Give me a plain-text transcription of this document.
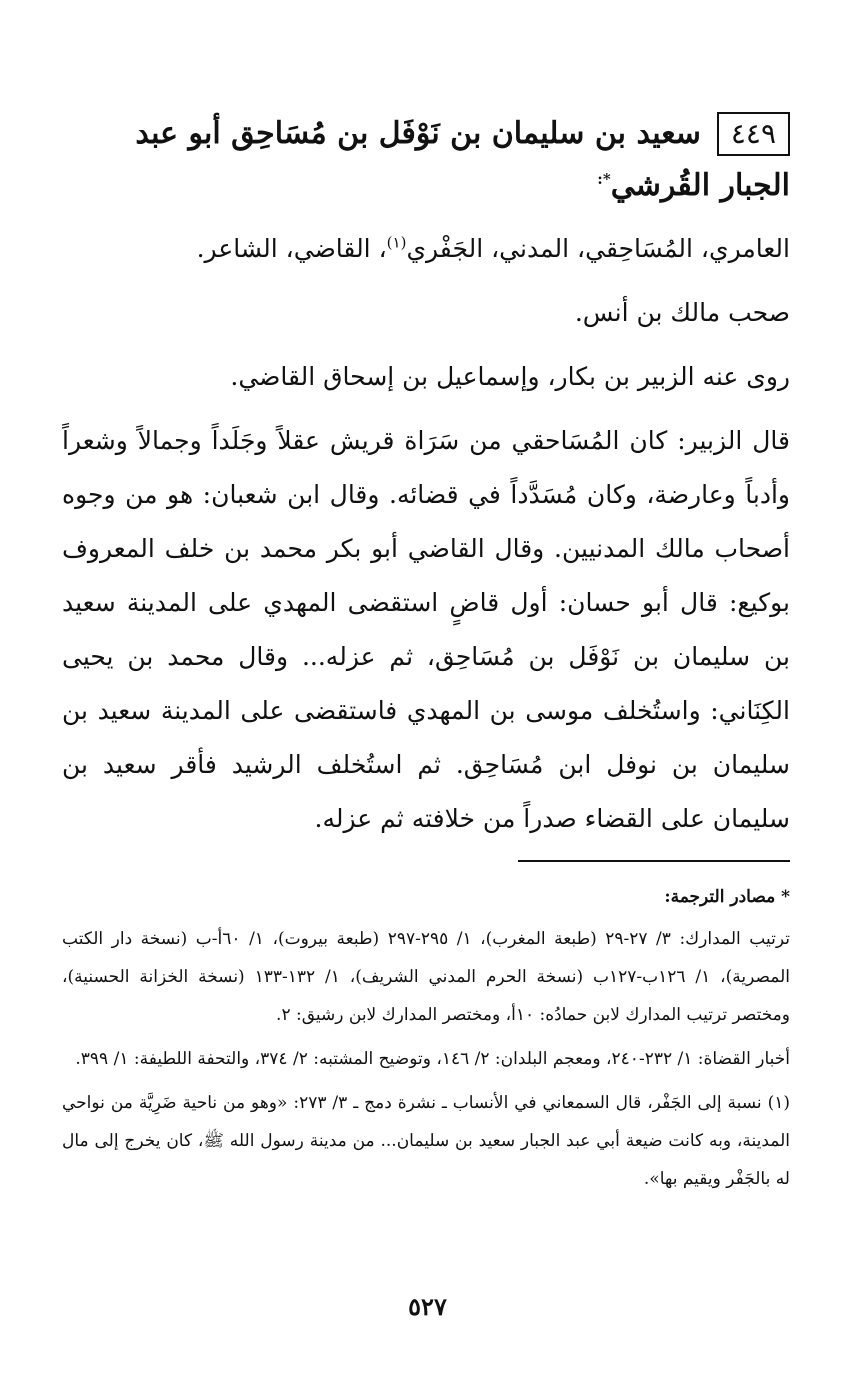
٤٤٩سعيد بن سليمان بن نَوْفَل بن مُسَاحِق أبو عبد الجبار القُرشي*:

العامري، المُسَاحِقي، المدني، الجَفْري$^{(١)}$، القاضي، الشاعر.

صحب مالك بن أنس.

روى عنه الزبير بن بكار، وإسماعيل بن إسحاق القاضي.

قال الزبير: كان المُسَاحقي من سَرَاة قريش عقلاً وجَلَداً وجمالاً وشعراً وأدباً وعارضة، وكان مُسَدَّداً في قضائه. وقال ابن شعبان: هو من وجوه أصحاب مالك المدنيين. وقال القاضي أبو بكر محمد بن خلف المعروف بوكيع: قال أبو حسان: أول قاضٍ استقضى المهدي على المدينة سعيد بن سليمان بن نَوْفَل بن مُسَاحِق، ثم عزله... وقال محمد بن يحيى الكِنَاني: واستُخلف موسى بن المهدي فاستقضى على المدينة سعيد بن سليمان بن نوفل ابن مُسَاحِق. ثم استُخلف الرشيد فأقر سعيد بن سليمان على القضاء صدراً من خلافته ثم عزله.

* مصادر الترجمة:

ترتيب المدارك: ٣/ ٢٧-٢٩ (طبعة المغرب)، ١/ ٢٩٥-٢٩٧ (طبعة بيروت)، ١/ ٦٠أ-ب (نسخة دار الكتب المصرية)، ١/ ١٢٦ب-١٢٧ب (نسخة الحرم المدني الشريف)، ١/ ١٣٢-١٣٣ (نسخة الخزانة الحسنية)، ومختصر ترتيب المدارك لابن حمادُه: ١٠أ، ومختصر المدارك لابن رشيق: ٢.

أخبار القضاة: ١/ ٢٣٢-٢٤٠، ومعجم البلدان: ٢/ ١٤٦، وتوضيح المشتبه: ٢/ ٣٧٤، والتحفة اللطيفة: ١/ ٣٩٩.

(١) نسبة إلى الجَفْر، قال السمعاني في الأنساب ـ نشرة دمج ـ ٣/ ٢٧٣: «وهو من ناحية ضَرِيَّة من نواحي المدينة، وبه كانت ضيعة أبي عبد الجبار سعيد بن سليمان... من مدينة رسول الله ﷺ، كان يخرج إلى مال له بالجَفْر ويقيم بها».

٥٢٧
